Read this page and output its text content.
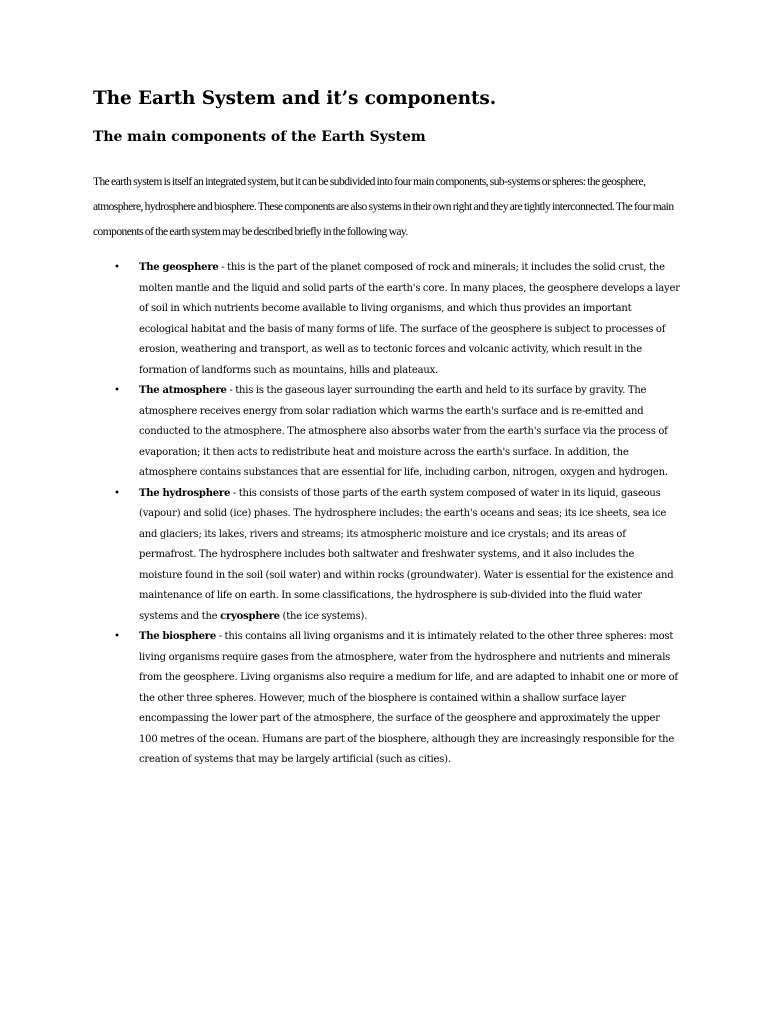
The Earth System and it’s components.
The main components of the Earth System

The earth system is itself an integrated system, but it can be subdivided into four main components, sub-systems or spheres: the geosphere, atmosphere, hydrosphere and biosphere. These components are also systems in their own right and they are tightly interconnected. The four main components of the earth system may be described briefly in the following way.

• The geosphere - this is the part of the planet composed of rock and minerals; it includes the solid crust, the molten mantle and the liquid and solid parts of the earth's core. In many places, the geosphere develops a layer of soil in which nutrients become available to living organisms, and which thus provides an important ecological habitat and the basis of many forms of life. The surface of the geosphere is subject to processes of erosion, weathering and transport, as well as to tectonic forces and volcanic activity, which result in the formation of landforms such as mountains, hills and plateaux.
• The atmosphere - this is the gaseous layer surrounding the earth and held to its surface by gravity. The atmosphere receives energy from solar radiation which warms the earth's surface and is re-emitted and conducted to the atmosphere. The atmosphere also absorbs water from the earth's surface via the process of evaporation; it then acts to redistribute heat and moisture across the earth's surface. In addition, the atmosphere contains substances that are essential for life, including carbon, nitrogen, oxygen and hydrogen.
• The hydrosphere - this consists of those parts of the earth system composed of water in its liquid, gaseous (vapour) and solid (ice) phases. The hydrosphere includes: the earth's oceans and seas; its ice sheets, sea ice and glaciers; its lakes, rivers and streams; its atmospheric moisture and ice crystals; and its areas of permafrost. The hydrosphere includes both saltwater and freshwater systems, and it also includes the moisture found in the soil (soil water) and within rocks (groundwater). Water is essential for the existence and maintenance of life on earth. In some classifications, the hydrosphere is sub-divided into the fluid water systems and the cryosphere (the ice systems).
• The biosphere - this contains all living organisms and it is intimately related to the other three spheres: most living organisms require gases from the atmosphere, water from the hydrosphere and nutrients and minerals from the geosphere. Living organisms also require a medium for life, and are adapted to inhabit one or more of the other three spheres. However, much of the biosphere is contained within a shallow surface layer encompassing the lower part of the atmosphere, the surface of the geosphere and approximately the upper 100 metres of the ocean. Humans are part of the biosphere, although they are increasingly responsible for the creation of systems that may be largely artificial (such as cities).
